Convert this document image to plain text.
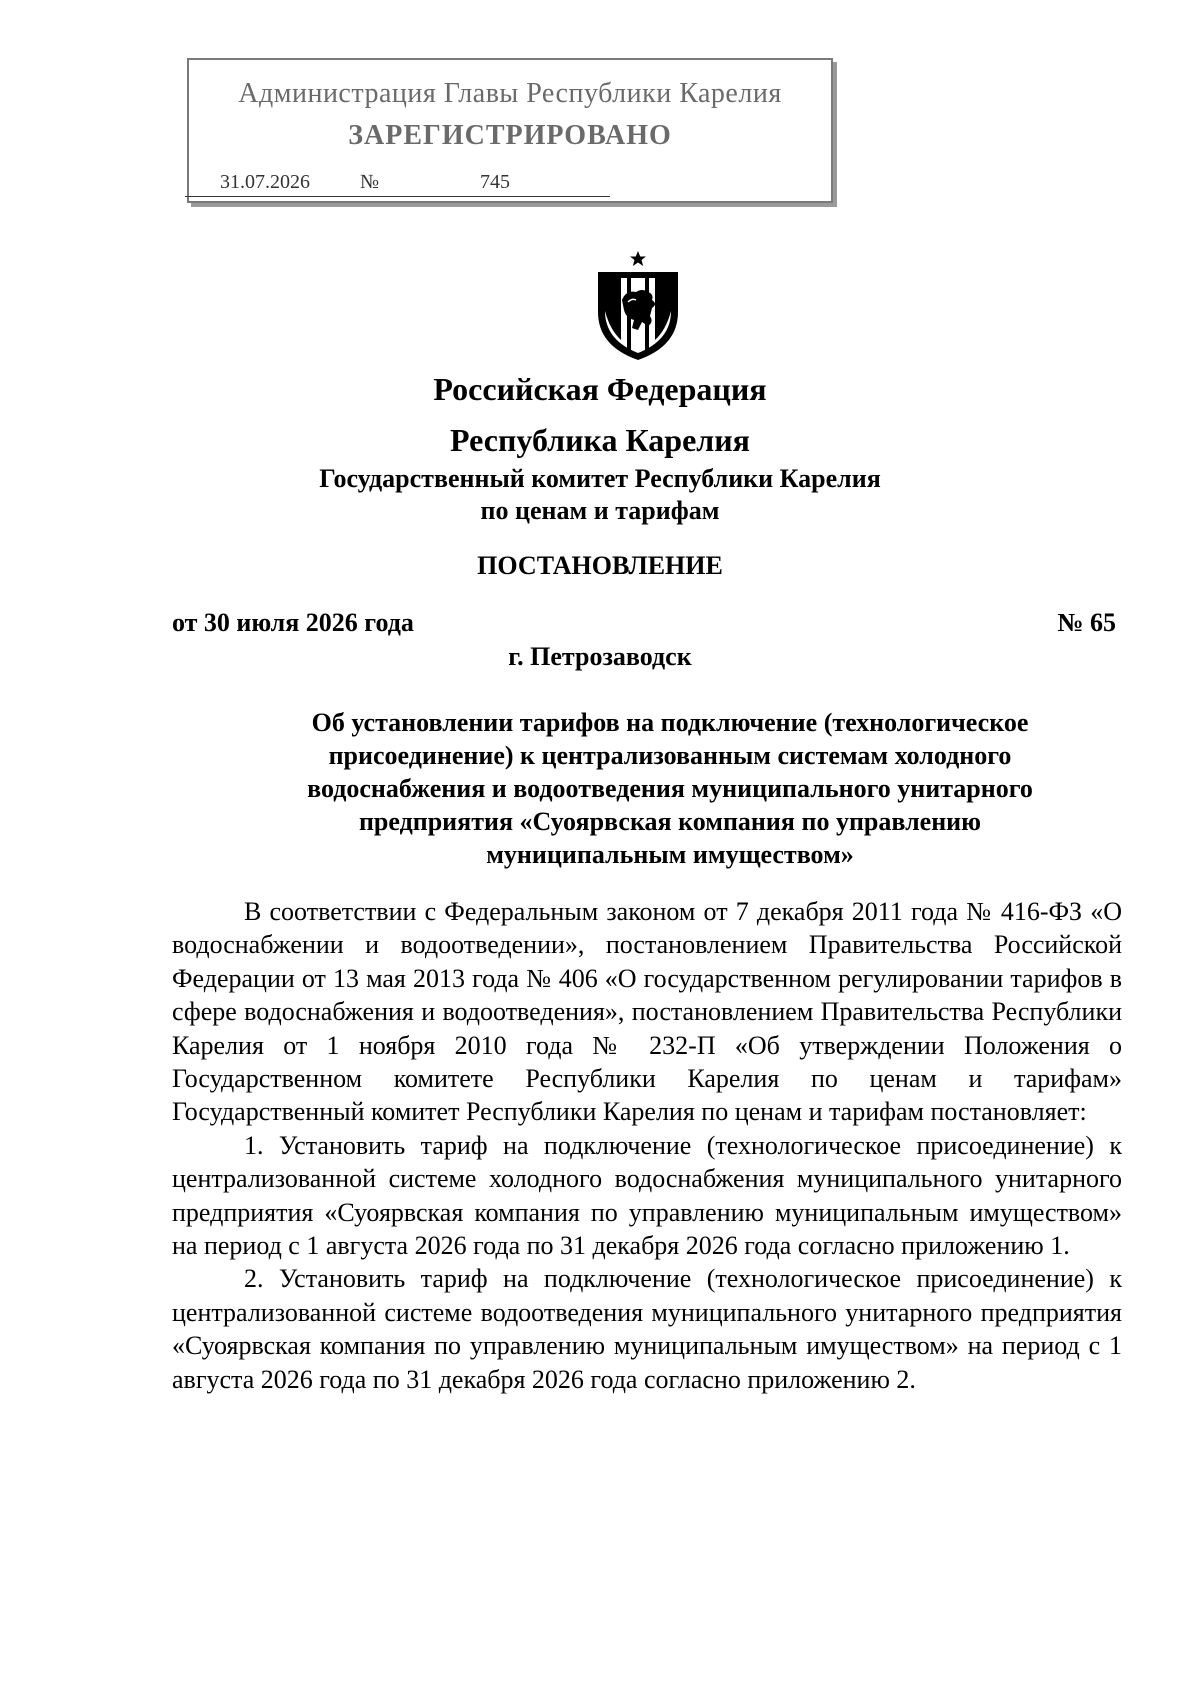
Администрация Главы Республики Карелия
ЗАРЕГИСТРИРОВАНО
31.07.2026	№	745
Российская Федерация
Республика Карелия
Государственный комитет Республики Карелия
по ценам и тарифам
ПОСТАНОВЛЕНИЕ
от 30 июля 2026 года	№ 65
г. Петрозаводск
Об установлении тарифов на подключение (технологическое
присоединение) к централизованным системам холодного
водоснабжения и водоотведения муниципального унитарного
предприятия «Суоярвская компания по управлению
муниципальным имуществом»

В соответствии с Федеральным законом от 7 декабря 2011 года № 416-ФЗ «О водоснабжении и водоотведении», постановлением Правительства Российской Федерации от 13 мая 2013 года № 406 «О государственном регулировании тарифов в сфере водоснабжения и водоотведения», постановлением Правительства Республики Карелия от 1 ноября 2010 года № 232-П «Об утверждении Положения о Государственном комитете Республики Карелия по ценам и тарифам» Государственный комитет Республики Карелия по ценам и тарифам постановляет:

1. Установить тариф на подключение (технологическое присоединение) к централизованной системе холодного водоснабжения муниципального унитарного предприятия «Суоярвская компания по управлению муниципальным имуществом» на период с 1 августа 2026 года по 31 декабря 2026 года согласно приложению 1.

2. Установить тариф на подключение (технологическое присоединение) к централизованной системе водоотведения муниципального унитарного предприятия «Суоярвская компания по управлению муниципальным имуществом» на период с 1 августа 2026 года по 31 декабря 2026 года согласно приложению 2.
